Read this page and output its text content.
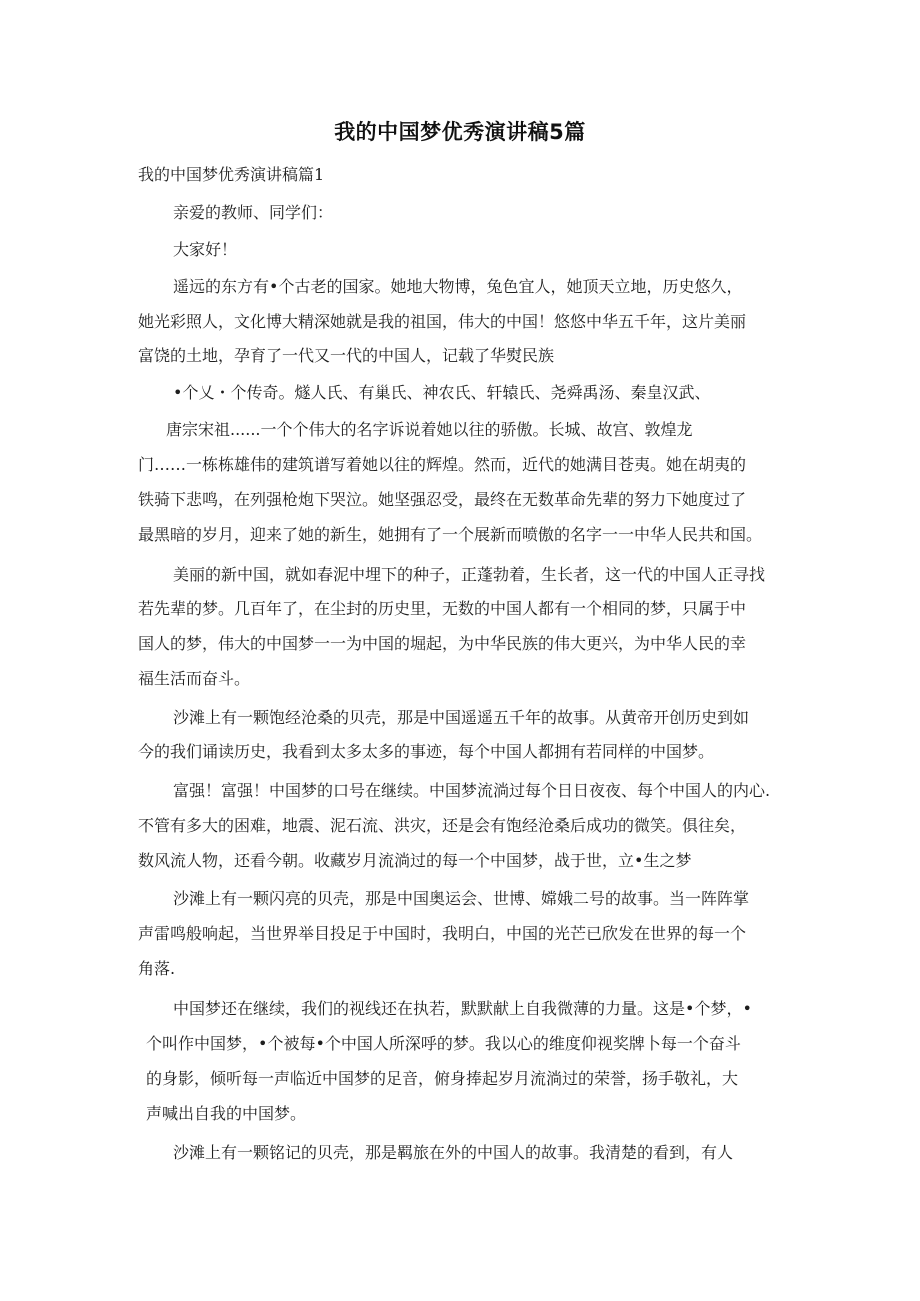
我的中国梦优秀演讲稿5篇
我的中国梦优秀演讲稿篇1
亲爱的教师、同学们：
大家好！
遥远的东方有•个古老的国家。她地大物博，兔色宜人，她顶天立地，历史悠久，
她光彩照人，文化博大精深她就是我的祖国，伟大的中国！悠悠中华五千年，这片美丽
富饶的土地，孕育了一代又一代的中国人，记载了华熨民族
•个乂・个传奇。燧人氏、有巢氏、神农氏、轩辕氏、尧舜禹汤、秦皇汉武、
唐宗宋祖......一个个伟大的名字诉说着她以往的骄傲。长城、故宫、敦煌龙
门……一栋栋雄伟的建筑谱写着她以往的辉煌。然而，近代的她满目苍夷。她在胡夷的
铁骑下悲鸣，在列强枪炮下哭泣。她坚强忍受，最终在无数革命先辈的努力下她度过了
最黑暗的岁月，迎来了她的新生，她拥有了一个展新而喷傲的名字一一中华人民共和国。
美丽的新中国，就如春泥中埋下的种子，正蓬勃着，生长者，这一代的中国人正寻找
若先辈的梦。几百年了，在尘封的历史里，无数的中国人都有一个相同的梦，只属于中
国人的梦，伟大的中国梦一一为中国的堀起，为中华民族的伟大更兴，为中华人民的幸
福生活而奋斗。
沙滩上有一颗饱经沧桑的贝壳，那是中国遥遥五千年的故事。从黄帝开创历史到如
今的我们诵读历史，我看到太多太多的事迹，每个中国人都拥有若同样的中国梦。
富强！富强！中国梦的口号在继续。中国梦流淌过每个日日夜夜、每个中国人的内心.
不管有多大的困难，地震、泥石流、洪灾，还是会有饱经沧桑后成功的微笑。俱往矣，
数风流人物，还看今朝。收藏岁月流淌过的每一个中国梦，战于世，立•生之梦
沙滩上有一颗闪亮的贝壳，那是中国奥运会、世博、嫦娥二号的故事。当一阵阵掌
声雷鸣般响起，当世界举目投足于中国时，我明白，中国的光芒已欣发在世界的每一个
角落.
中国梦还在继续，我们的视线还在执若，默默献上自我微薄的力量。这是•个梦，•
个叫作中国梦，•个被每•个中国人所深呼的梦。我以心的维度仰视奖牌卜每一个奋斗
的身影，倾听每一声临近中国梦的足音，俯身捧起岁月流淌过的荣誉，扬手敬礼，大
声喊出自我的中国梦。
沙滩上有一颗铭记的贝壳，那是羁旅在外的中国人的故事。我清楚的看到，有人
